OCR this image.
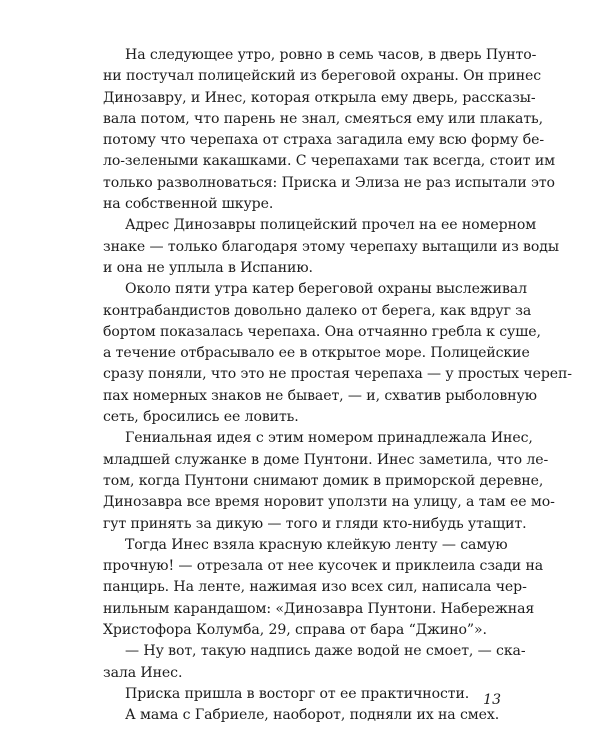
На следующее утро, ровно в семь часов, в дверь Пунто-
ни постучал полицейский из береговой охраны. Он принес
Динозавру, и Инес, которая открыла ему дверь, рассказы-
вала потом, что парень не знал, смеяться ему или плакать,
потому что черепаха от страха загадила ему всю форму бе-
ло-зелеными какашками. С черепахами так всегда, стоит им
только разволноваться: Приска и Элиза не раз испытали это
на собственной шкуре.
Адрес Динозавры полицейский прочел на ее номерном
знаке — только благодаря этому черепаху вытащили из воды
и она не уплыла в Испанию.
Около пяти утра катер береговой охраны выслеживал
контрабандистов довольно далеко от берега, как вдруг за
бортом показалась черепаха. Она отчаянно гребла к суше,
а течение отбрасывало ее в открытое море. Полицейские
сразу поняли, что это не простая черепаха — у простых череп-
пах номерных знаков не бывает, — и, схватив рыболовную
сеть, бросились ее ловить.
Гениальная идея с этим номером принадлежала Инес,
младшей служанке в доме Пунтони. Инес заметила, что ле-
том, когда Пунтони снимают домик в приморской деревне,
Динозавра все время норовит уползти на улицу, а там ее мо-
гут принять за дикую — того и гляди кто-нибудь утащит.
Тогда Инес взяла красную клейкую ленту — самую
прочную! — отрезала от нее кусочек и приклеила сзади на
панцирь. На ленте, нажимая изо всех сил, написала чер-
нильным карандашом: «Динозавра Пунтони. Набережная
Христофора Колумба, 29, справа от бара “Джино”».
— Ну вот, такую надпись даже водой не смоет, — ска-
зала Инес.
Приска пришла в восторг от ее практичности.
А мама с Габриеле, наоборот, подняли их на смех.
13
